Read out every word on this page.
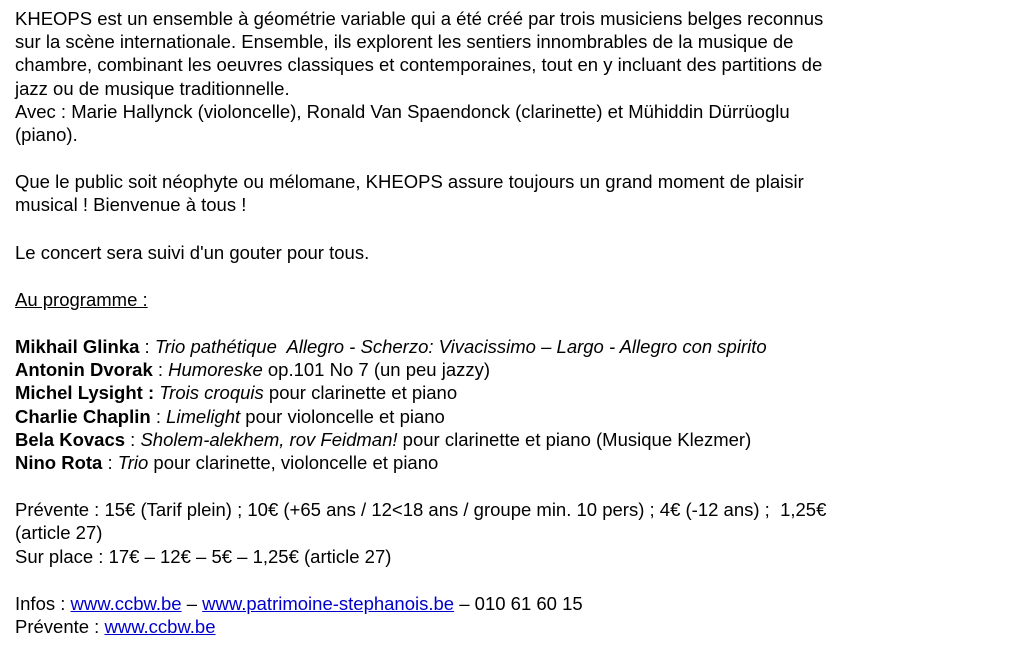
KHEOPS est un ensemble à géométrie variable qui a été créé par trois musiciens belges reconnus
sur la scène internationale. Ensemble, ils explorent les sentiers innombrables de la musique de
chambre, combinant les oeuvres classiques et contemporaines, tout en y incluant des partitions de
jazz ou de musique traditionnelle.
Avec : Marie Hallynck (violoncelle), Ronald Van Spaendonck (clarinette) et Mühiddin Dürrüoglu
(piano).
Que le public soit néophyte ou mélomane, KHEOPS assure toujours un grand moment de plaisir
musical ! Bienvenue à tous !
Le concert sera suivi d'un gouter pour tous.
Au programme :
Mikhail Glinka : Trio pathétique  Allegro - Scherzo: Vivacissimo – Largo - Allegro con spirito
Antonin Dvorak : Humoreske op.101 No 7 (un peu jazzy)
Michel Lysight : Trois croquis pour clarinette et piano
Charlie Chaplin : Limelight pour violoncelle et piano
Bela Kovacs : Sholem-alekhem, rov Feidman! pour clarinette et piano (Musique Klezmer)
Nino Rota : Trio pour clarinette, violoncelle et piano
Prévente : 15€ (Tarif plein) ; 10€ (+65 ans / 12<18 ans / groupe min. 10 pers) ; 4€ (-12 ans) ;  1,25€
(article 27)
Sur place : 17€ – 12€ – 5€ – 1,25€ (article 27)
Infos : www.ccbw.be – www.patrimoine-stephanois.be – 010 61 60 15
Prévente : www.ccbw.be
